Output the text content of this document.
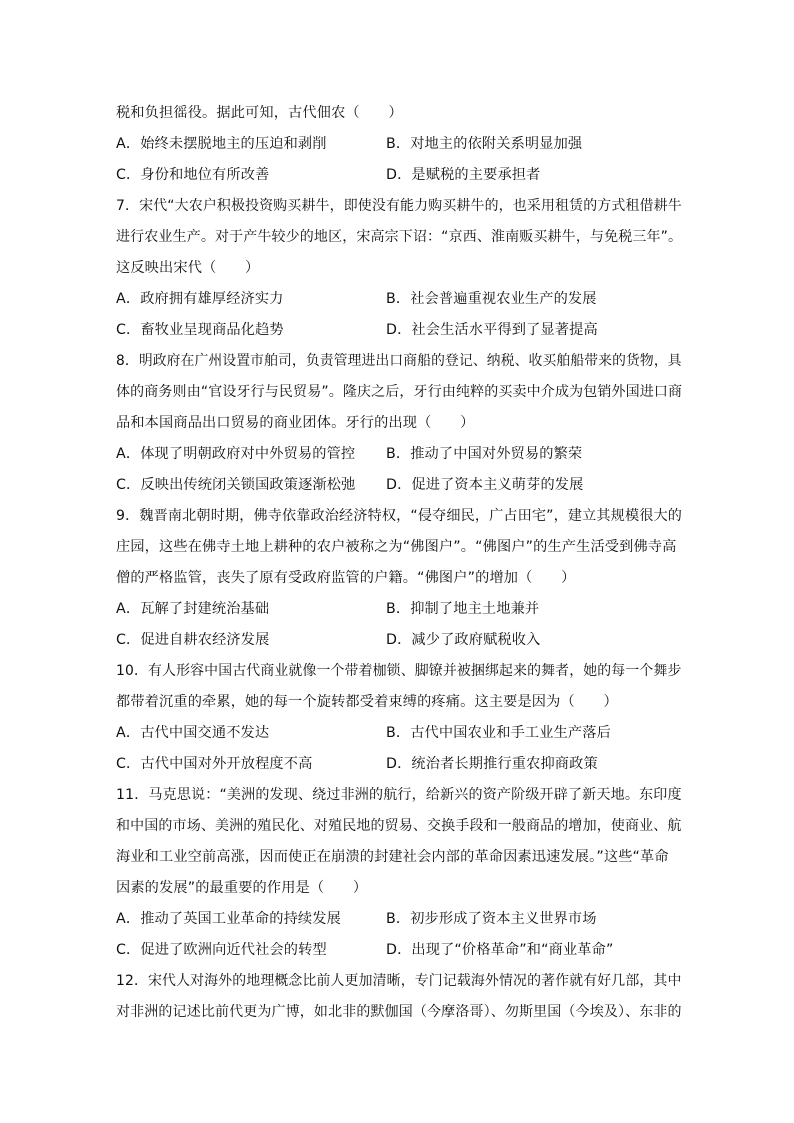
税和负担徭役。据此可知，古代佃农（　　）
A．始终未摆脱地主的压迫和剥削	B．对地主的依附关系明显加强
C．身份和地位有所改善	D．是赋税的主要承担者
7．宋代“大农户积极投资购买耕牛，即使没有能力购买耕牛的，也采用租赁的方式租借耕牛
进行农业生产。对于产牛较少的地区，宋高宗下诏：“京西、淮南贩买耕牛，与免税三年”。
这反映出宋代（　　）
A．政府拥有雄厚经济实力	B．社会普遍重视农业生产的发展
C．畜牧业呈现商品化趋势	D．社会生活水平得到了显著提高
8．明政府在广州设置市舶司，负责管理进出口商船的登记、纳税、收买舶船带来的货物，具
体的商务则由“官设牙行与民贸易”。隆庆之后，牙行由纯粹的买卖中介成为包销外国进口商
品和本国商品出口贸易的商业团体。牙行的出现（　　）
A．体现了明朝政府对中外贸易的管控 B．推动了中国对外贸易的繁荣
C．反映出传统闭关锁国政策逐渐松弛 D．促进了资本主义萌芽的发展
9．魏晋南北朝时期，佛寺依靠政治经济特权，“侵夺细民，广占田宅”，建立其规模很大的
庄园，这些在佛寺土地上耕种的农户被称之为“佛图户”。“佛图户”的生产生活受到佛寺高
僧的严格监管，丧失了原有受政府监管的户籍。“佛图户”的增加（　　）
A．瓦解了封建统治基础	B．抑制了地主土地兼并
C．促进自耕农经济发展	D．减少了政府赋税收入
10．有人形容中国古代商业就像一个带着枷锁、脚镣并被捆绑起来的舞者，她的每一个舞步
都带着沉重的牵累，她的每一个旋转都受着束缚的疼痛。这主要是因为（　　）
A．古代中国交通不发达	B．古代中国农业和手工业生产落后
C．古代中国对外开放程度不高	D．统治者长期推行重农抑商政策
11．马克思说：“美洲的发现、绕过非洲的航行，给新兴的资产阶级开辟了新天地。东印度
和中国的市场、美洲的殖民化、对殖民地的贸易、交换手段和一般商品的增加，使商业、航
海业和工业空前高涨，因而使正在崩溃的封建社会内部的革命因素迅速发展。”这些“革命
因素的发展”的最重要的作用是（　　）
A．推动了英国工业革命的持续发展	B．初步形成了资本主义世界市场
C．促进了欧洲向近代社会的转型	D．出现了“价格革命”和“商业革命”
12．宋代人对海外的地理概念比前人更加清晰，专门记载海外情况的著作就有好几部，其中
对非洲的记述比前代更为广博，如北非的默伽国（今摩洛哥）、勿斯里国（今埃及）、东非的
